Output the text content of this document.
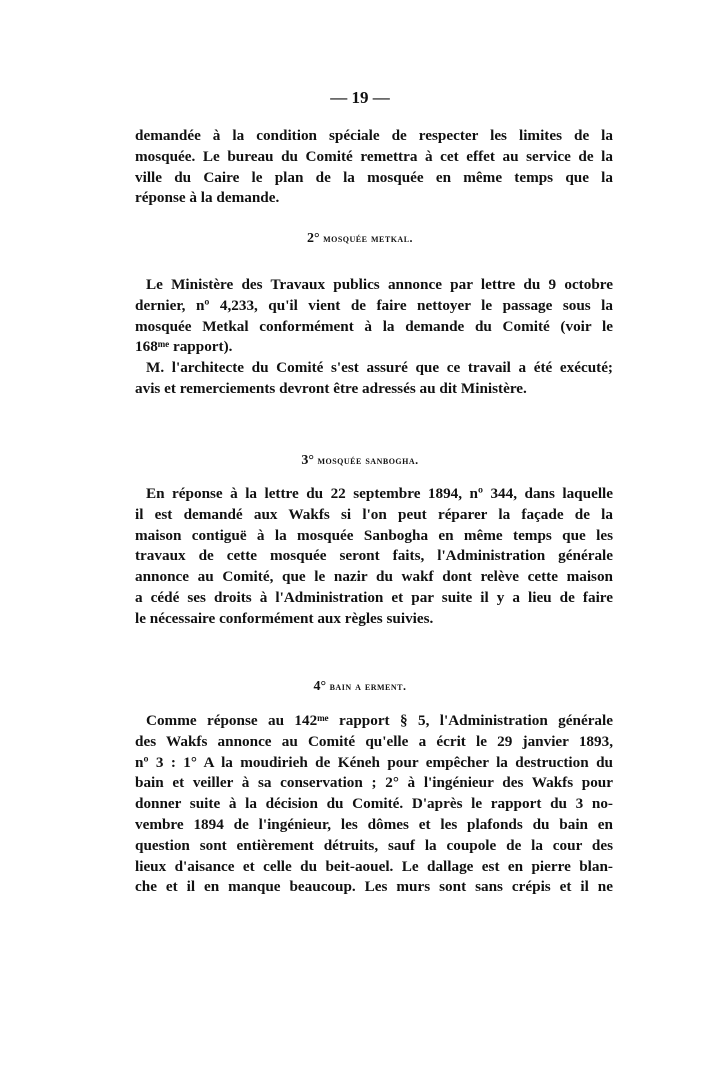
— 19 —
demandée à la condition spéciale de respecter les limites de la
mosquée. Le bureau du Comité remettra à cet effet au service de la
ville du Caire le plan de la mosquée en même temps que la
réponse à la demande.
2° mosquée metkal.
Le Ministère des Travaux publics annonce par lettre du 9 octobre
dernier, nº 4,233, qu'il vient de faire nettoyer le passage sous la
mosquée Metkal conformément à la demande du Comité (voir le
168ᵐᵉ rapport).
M. l'architecte du Comité s'est assuré que ce travail a été exécuté;
avis et remerciements devront être adressés au dit Ministère.
3° mosquée sanbogha.
En réponse à la lettre du 22 septembre 1894, nº 344, dans laquelle
il est demandé aux Wakfs si l'on peut réparer la façade de la
maison contiguë à la mosquée Sanbogha en même temps que les
travaux de cette mosquée seront faits, l'Administration générale
annonce au Comité, que le nazir du wakf dont relève cette maison
a cédé ses droits à l'Administration et par suite il y a lieu de faire
le nécessaire conformément aux règles suivies.
4° bain a erment.
Comme réponse au 142ᵐᵉ rapport § 5, l'Administration générale
des Wakfs annonce au Comité qu'elle a écrit le 29 janvier 1893,
nº 3 : 1° A la moudirieh de Kéneh pour empêcher la destruction du
bain et veiller à sa conservation ; 2° à l'ingénieur des Wakfs pour
donner suite à la décision du Comité. D'après le rapport du 3 no-
vembre 1894 de l'ingénieur, les dômes et les plafonds du bain en
question sont entièrement détruits, sauf la coupole de la cour des
lieux d'aisance et celle du beit-aouel. Le dallage est en pierre blan-
che et il en manque beaucoup. Les murs sont sans crépis et il ne
